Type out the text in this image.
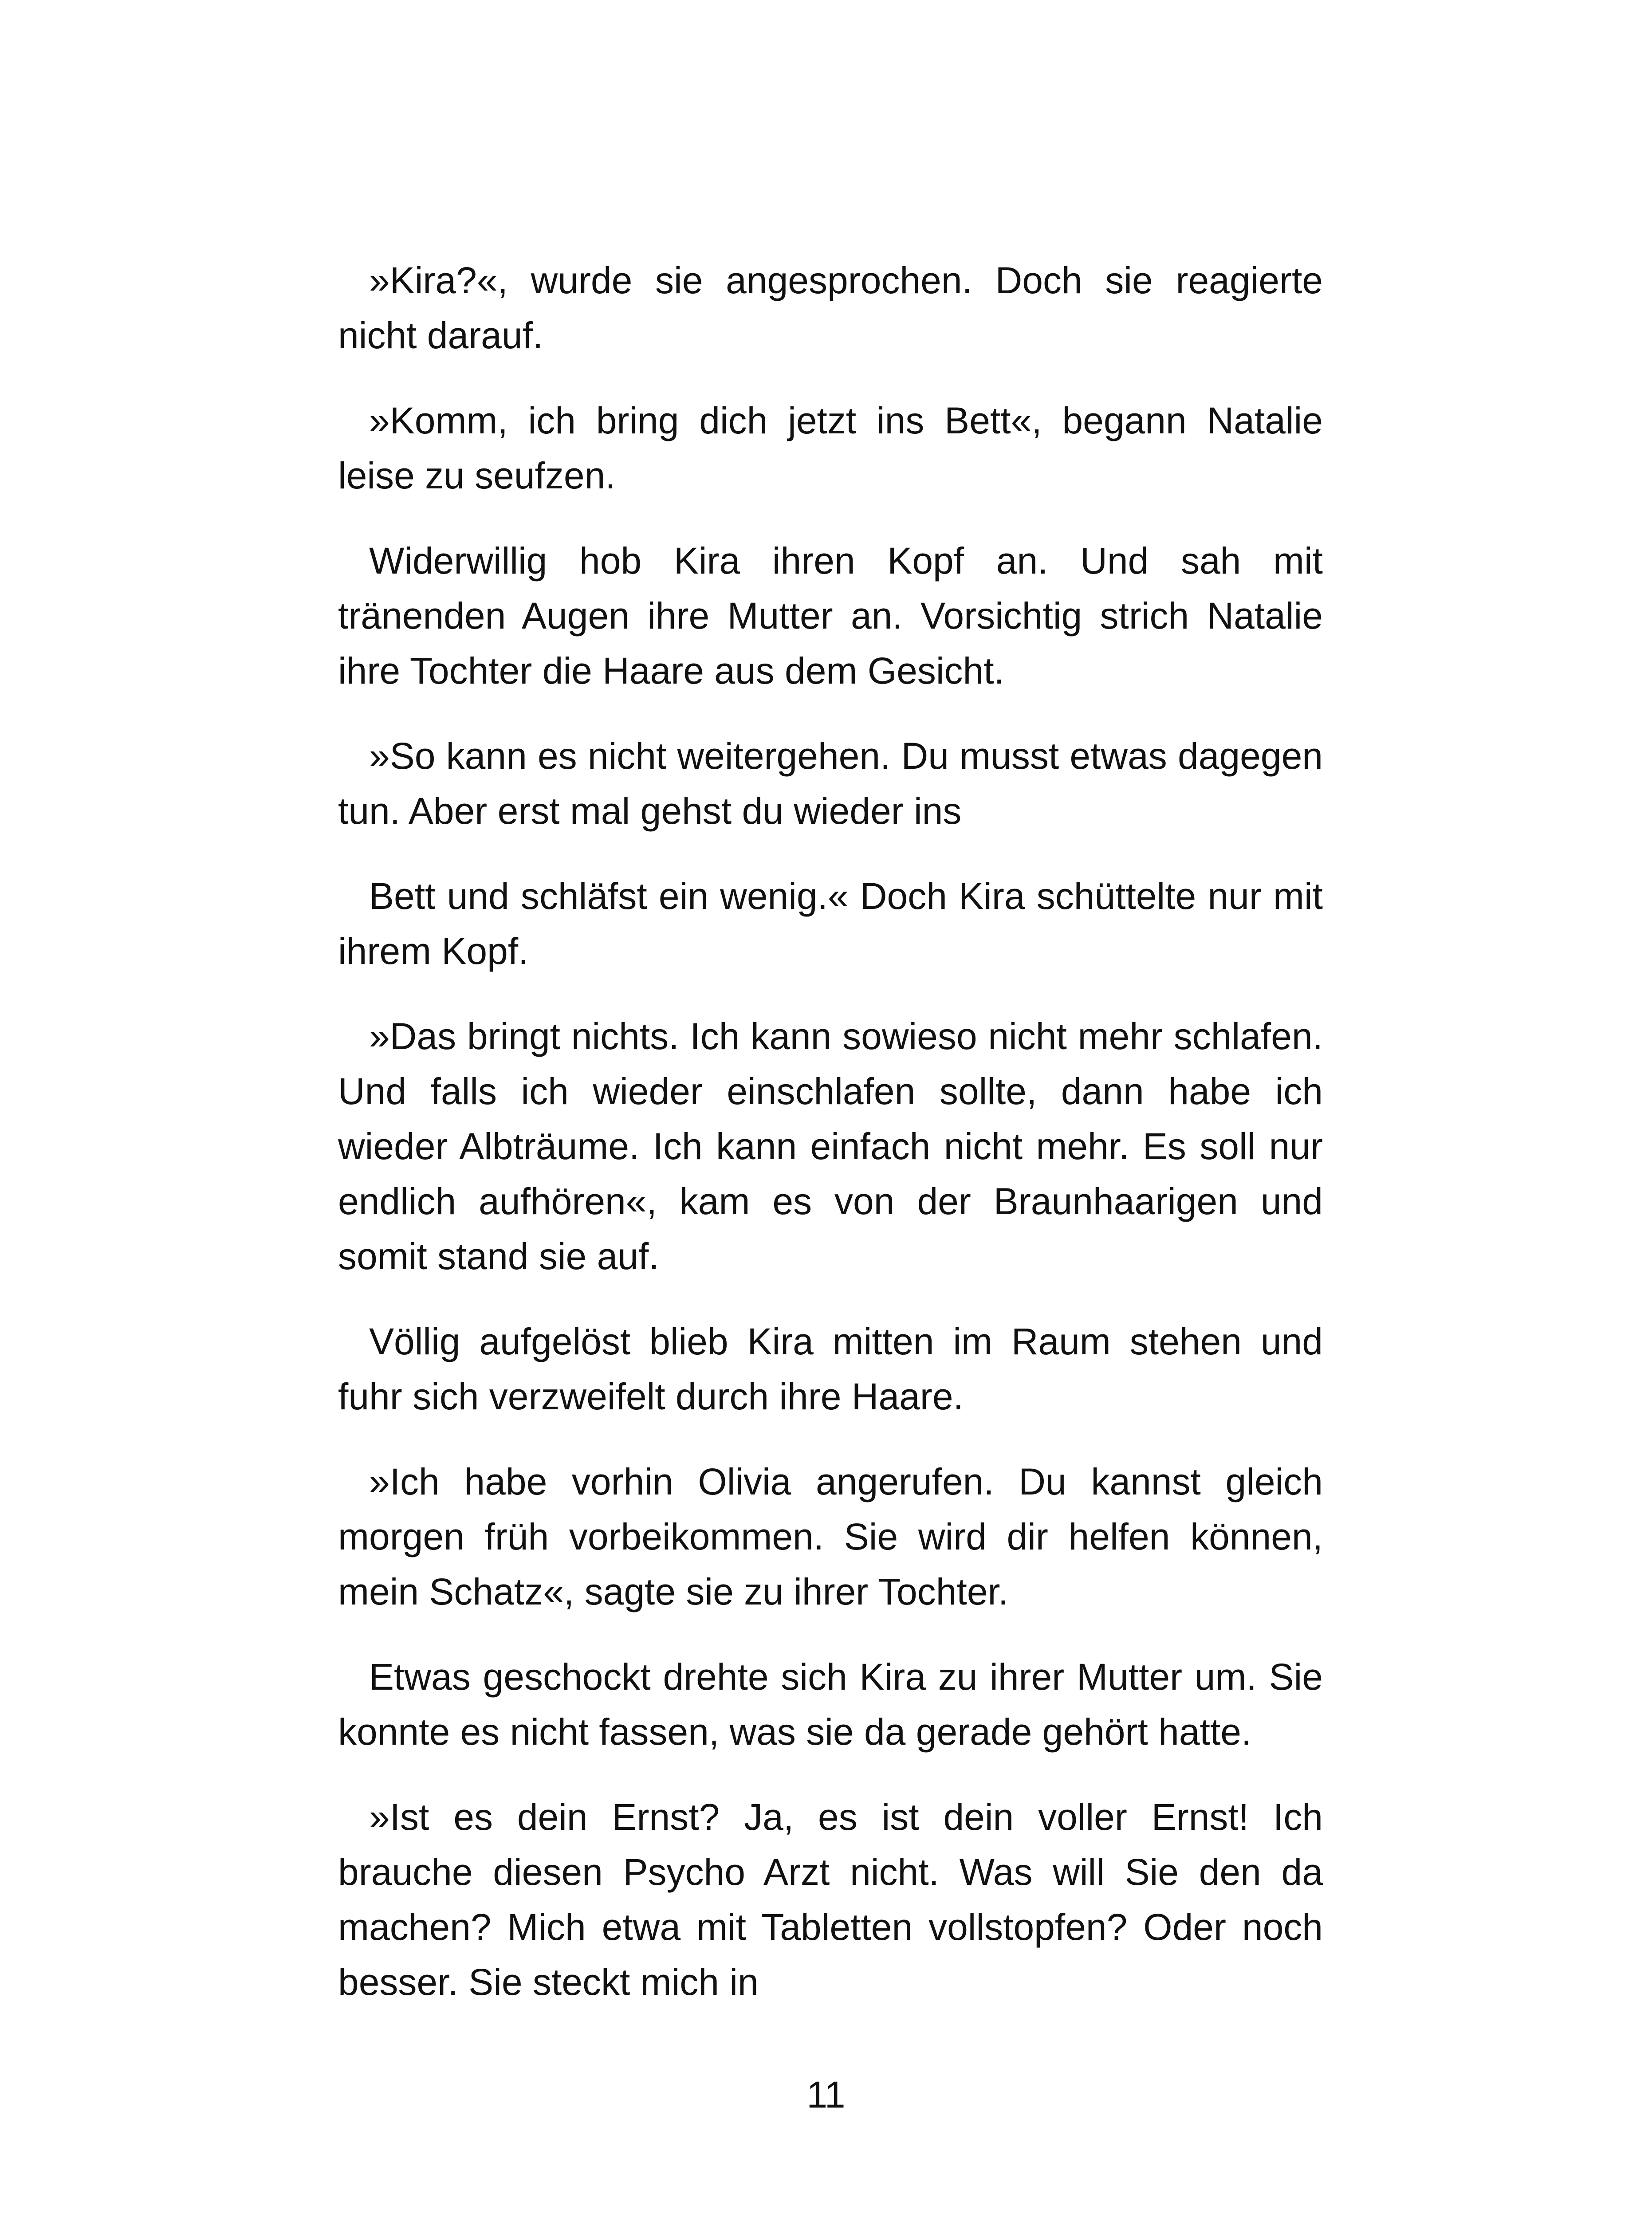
»Kira?«, wurde sie angesprochen. Doch sie reagierte nicht darauf.

»Komm, ich bring dich jetzt ins Bett«, begann Natalie leise zu seufzen.

Widerwillig hob Kira ihren Kopf an. Und sah mit tränenden Augen ihre Mutter an. Vorsichtig strich Natalie ihre Tochter die Haare aus dem Gesicht.

»So kann es nicht weitergehen. Du musst etwas dagegen tun. Aber erst mal gehst du wieder ins

Bett und schläfst ein wenig.« Doch Kira schüttelte nur mit ihrem Kopf.

»Das bringt nichts. Ich kann sowieso nicht mehr schlafen. Und falls ich wieder einschlafen sollte, dann habe ich wieder Albträume. Ich kann einfach nicht mehr. Es soll nur endlich aufhören«, kam es von der Braunhaarigen und somit stand sie auf.

Völlig aufgelöst blieb Kira mitten im Raum stehen und fuhr sich verzweifelt durch ihre Haare.

»Ich habe vorhin Olivia angerufen. Du kannst gleich morgen früh vorbeikommen. Sie wird dir helfen können, mein Schatz«, sagte sie zu ihrer Tochter.

Etwas geschockt drehte sich Kira zu ihrer Mutter um. Sie konnte es nicht fassen, was sie da gerade gehört hatte.

»Ist es dein Ernst? Ja, es ist dein voller Ernst! Ich brauche diesen Psycho Arzt nicht. Was will Sie den da machen? Mich etwa mit Tabletten vollstopfen? Oder noch besser. Sie steckt mich in

11
